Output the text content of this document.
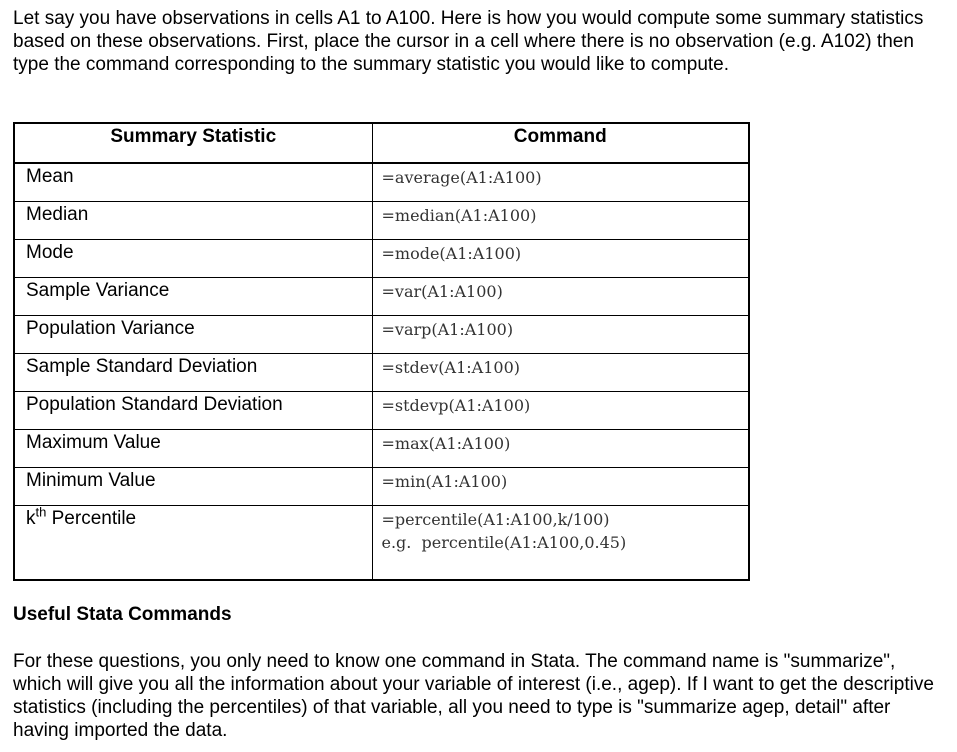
Let say you have observations in cells A1 to A100. Here is how you would compute some summary statistics based on these observations. First, place the cursor in a cell where there is no observation (e.g. A102) then type the command corresponding to the summary statistic you would like to compute.

Summary Statistic	Command

Mean	=average(A1:A100)

Median	=median(A1:A100)

Mode	=mode(A1:A100)

Sample Variance	=var(A1:A100)

Population Variance	=varp(A1:A100)

Sample Standard Deviation	=stdev(A1:A100)

Population Standard Deviation	=stdevp(A1:A100)

Maximum Value	=max(A1:A100)

Minimum Value	=min(A1:A100)

$k^{th}$ Percentile	=percentile(A1:A100,k/100)
e.g.  percentile(A1:A100,0.45)

Useful Stata Commands

For these questions, you only need to know one command in Stata. The command name is "summarize", which will give you all the information about your variable of interest (i.e., agep). If I want to get the descriptive statistics (including the percentiles) of that variable, all you need to type is "summarize agep, detail" after having imported the data.
